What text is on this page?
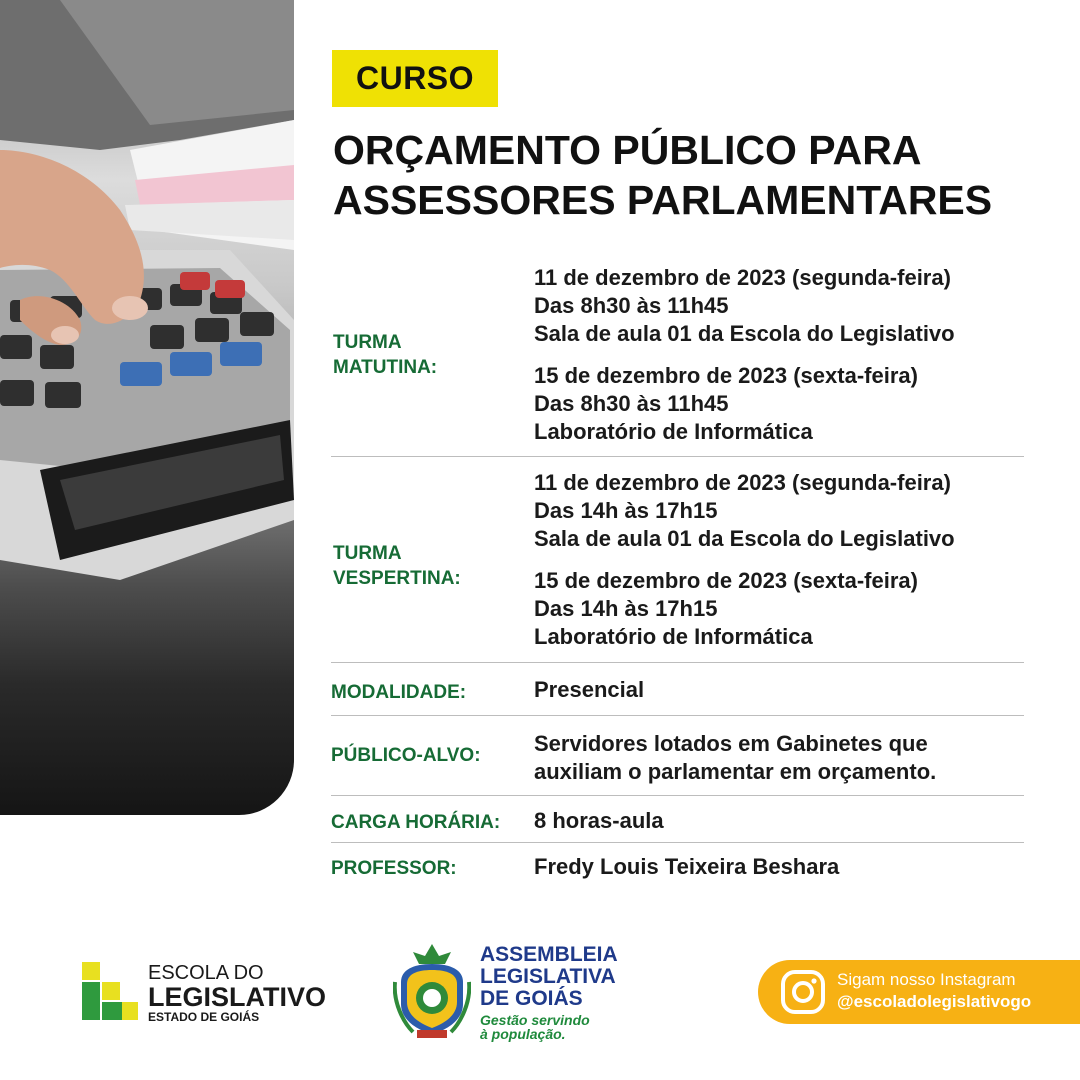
CURSO
ORÇAMENTO PÚBLICO PARA
ASSESSORES PARLAMENTARES
TURMA
MATUTINA:
11 de dezembro de 2023 (segunda-feira)
Das 8h30 às 11h45
Sala de aula 01 da Escola do Legislativo
15 de dezembro de 2023 (sexta-feira)
Das 8h30 às 11h45
Laboratório de Informática
TURMA
VESPERTINA:
11 de dezembro de 2023 (segunda-feira)
Das 14h às 17h15
Sala de aula 01 da Escola do Legislativo
15 de dezembro de 2023 (sexta-feira)
Das 14h às 17h15
Laboratório de Informática
MODALIDADE:	Presencial
PÚBLICO-ALVO: Servidores lotados em Gabinetes que
auxiliam o parlamentar em orçamento.
CARGA HORÁRIA: 8 horas-aula
PROFESSOR:	Fredy Louis Teixeira Beshara
ESCOLA DO
LEGISLATIVO
ESTADO DE GOIÁS
ASSEMBLEIA
LEGISLATIVA
DE GOIÁS
Gestão servindo
à população.
Sigam nosso Instagram
@escoladolegislativogo
